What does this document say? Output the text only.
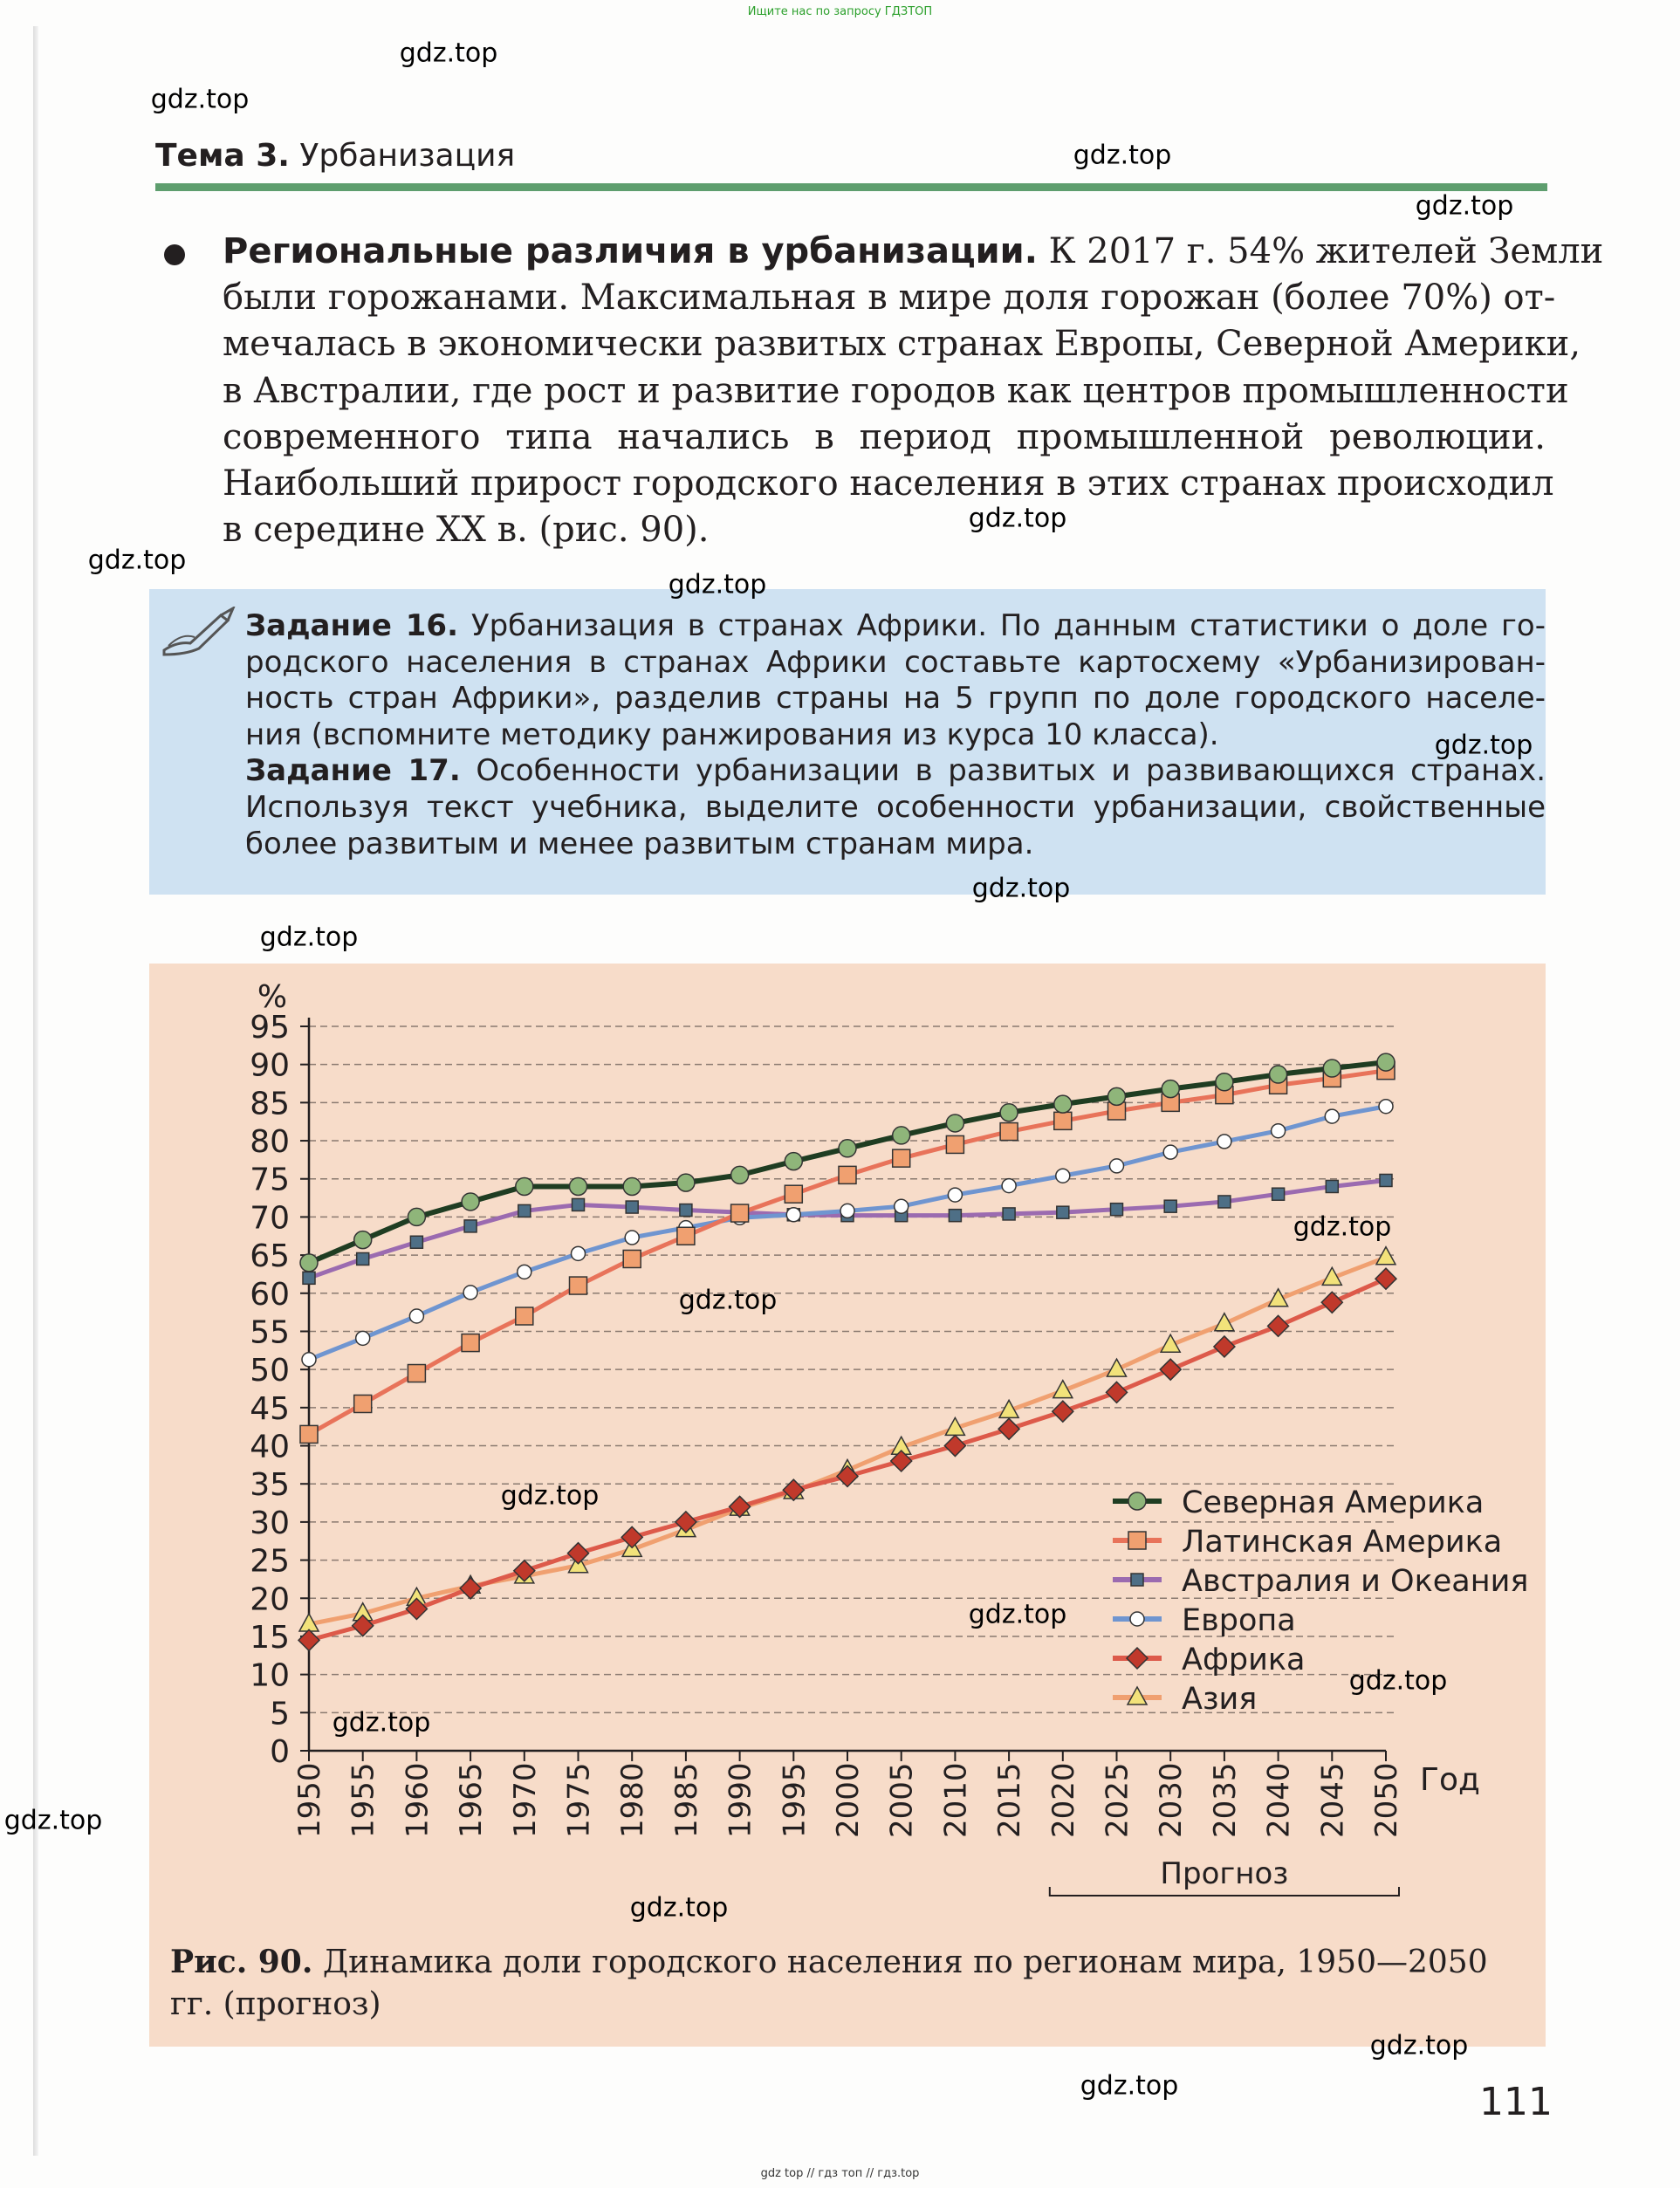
Ищите нас по запросу ГДЗТОП
Тема 3. Урбанизация
Региональные различия в урбанизации. К 2017 г. 54% жителей Земли
были горожанами. Максимальная в мире доля горожан (более 70%) от-
мечалась в экономически развитых странах Европы, Северной Америки,
в Австралии, где рост и развитие городов как центров промышленности
современного типа начались в период промышленной революции.
Наибольший прирост городского населения в этих странах происходил
в середине XX в. (рис. 90).
Задание 16. Урбанизация в странах Африки. По данным статистики о доле го-
родского населения в странах Африки составьте картосхему «Урбанизирован-
ность стран Африки», разделив страны на 5 групп по доле городского населе-
ния (вспомните методику ранжирования из курса 10 класса).
Задание 17. Особенности урбанизации в развитых и развивающихся странах.
Используя текст учебника, выделите особенности урбанизации, свойственные
более развитым и менее развитым странам мира.
0
5
10
15
20
25
30
35
40
45
50
55
60
65
70
75
80
85
90
95
%
1950 1955 1960 1965 1970 1975 1980 1985 1990 1995 2000 2005 2010 2015 2020 2025 2030 2035 2040 2045 2050 Год
Прогноз
Северная Америка
Латинская Америка
Австралия и Океания
Европа
Африка
Азия
Рис. 90. Динамика доли городского населения по регионам мира, 1950—2050 гг. (прогноз)
111
gdz top // гдз топ // гдз.top
gdz.top
gdz.top
gdz.top
gdz.top
gdz.top
gdz.top
gdz.top
gdz.top
gdz.top
gdz.top
gdz.top
gdz.top
gdz.top
gdz.top
gdz.top
gdz.top
gdz.top
gdz.top
gdz.top
gdz.top
